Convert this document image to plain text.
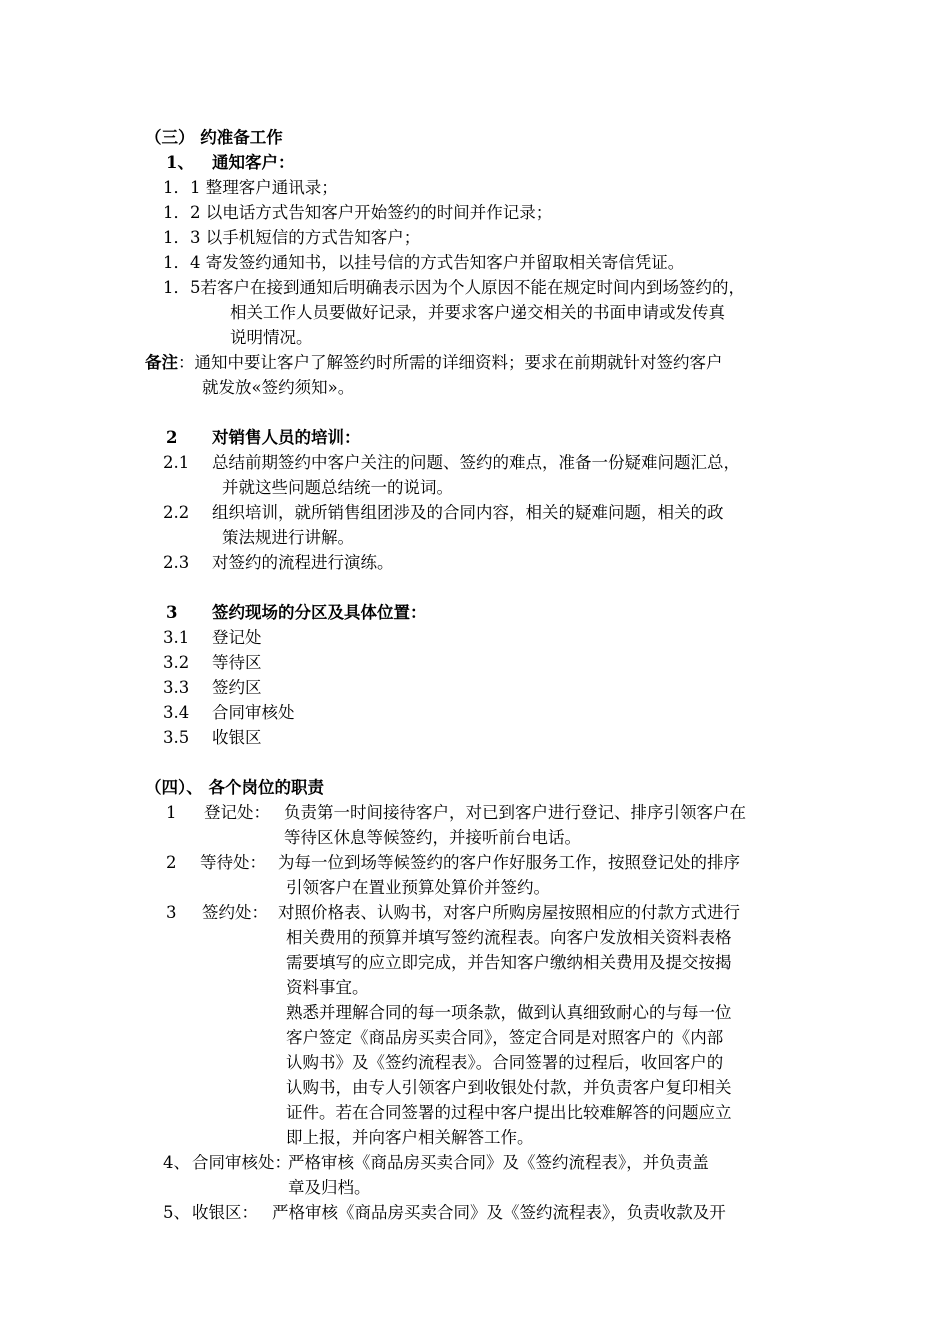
（三） 约准备工作
1、 通知客户：
1．1 整理客户通讯录；
1．2 以电话方式告知客户开始签约的时间并作记录；
1．3 以手机短信的方式告知客户；
1．4 寄发签约通知书，以挂号信的方式告知客户并留取相关寄信凭证。
1．5若客户在接到通知后明确表示因为个人原因不能在规定时间内到场签约的，
相关工作人员要做好记录，并要求客户递交相关的书面申请或发传真
说明情况。
备注：通知中要让客户了解签约时所需的详细资料；要求在前期就针对签约客户
就发放«签约须知»。
2 对销售人员的培训：
2.1 总结前期签约中客户关注的问题、签约的难点，准备一份疑难问题汇总，
并就这些问题总结统一的说词。
2.2 组织培训，就所销售组团涉及的合同内容，相关的疑难问题，相关的政
策法规进行讲解。
2.3 对签约的流程进行演练。
3 签约现场的分区及具体位置：
3.1 登记处
3.2 等待区
3.3 签约区
3.4 合同审核处
3.5 收银区
（四）、 各个岗位的职责
1 登记处： 负责第一时间接待客户，对已到客户进行登记、排序引领客户在
等待区休息等候签约，并接听前台电话。
2 等待处： 为每一位到场等候签约的客户作好服务工作，按照登记处的排序
引领客户在置业预算处算价并签约。
3 签约处： 对照价格表、认购书，对客户所购房屋按照相应的付款方式进行
相关费用的预算并填写签约流程表。向客户发放相关资料表格
需要填写的应立即完成，并告知客户缴纳相关费用及提交按揭
资料事宜。
熟悉并理解合同的每一项条款，做到认真细致耐心的与每一位
客户签定《商品房买卖合同》，签定合同是对照客户的《内部
认购书》及《签约流程表》。合同签署的过程后，收回客户的
认购书，由专人引领客户到收银处付款，并负责客户复印相关
证件。若在合同签署的过程中客户提出比较难解答的问题应立
即上报，并向客户相关解答工作。
4、 合同审核处：
严格审核《商品房买卖合同》及《签约流程表》，并负责盖
章及归档。
5、 收银区： 严格审核《商品房买卖合同》及《签约流程表》，负责收款及开
